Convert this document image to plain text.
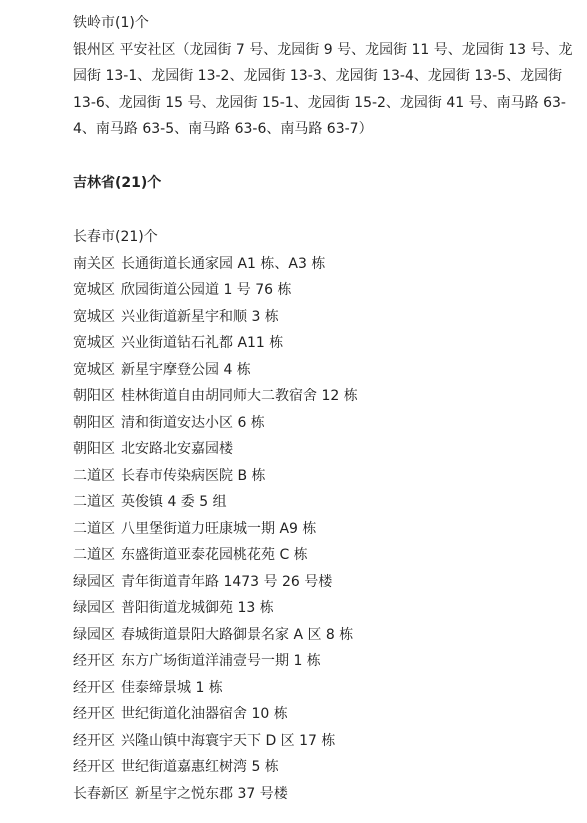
铁岭市(1)个

银州区 平安社区（龙园街 7 号、龙园街 9 号、龙园街 11 号、龙园街 13 号、龙园街 13-1、龙园街 13-2、龙园街 13-3、龙园街 13-4、龙园街 13-5、龙园街 13-6、龙园街 15 号、龙园街 15-1、龙园街 15-2、龙园街 41 号、南马路 63-4、南马路 63-5、南马路 63-6、南马路 63-7）

吉林省(21)个

长春市(21)个

南关区 长通街道长通家园 A1 栋、A3 栋

宽城区 欣园街道公园道 1 号 76 栋

宽城区 兴业街道新星宇和顺 3 栋

宽城区 兴业街道钻石礼都 A11 栋

宽城区 新星宇摩登公园 4 栋

朝阳区 桂林街道自由胡同师大二教宿舍 12 栋

朝阳区 清和街道安达小区 6 栋

朝阳区 北安路北安嘉园楼

二道区 长春市传染病医院 B 栋

二道区 英俊镇 4 委 5 组

二道区 八里堡街道力旺康城一期 A9 栋

二道区 东盛街道亚泰花园桃花苑 C 栋

绿园区 青年街道青年路 1473 号 26 号楼

绿园区 普阳街道龙城御苑 13 栋

绿园区 春城街道景阳大路御景名家 A 区 8 栋

经开区 东方广场街道洋浦壹号一期 1 栋

经开区 佳泰缔景城 1 栋

经开区 世纪街道化油器宿舍 10 栋

经开区 兴隆山镇中海寰宇天下 D 区 17 栋

经开区 世纪街道嘉惠红树湾 5 栋

长春新区 新星宇之悦东郡 37 号楼
